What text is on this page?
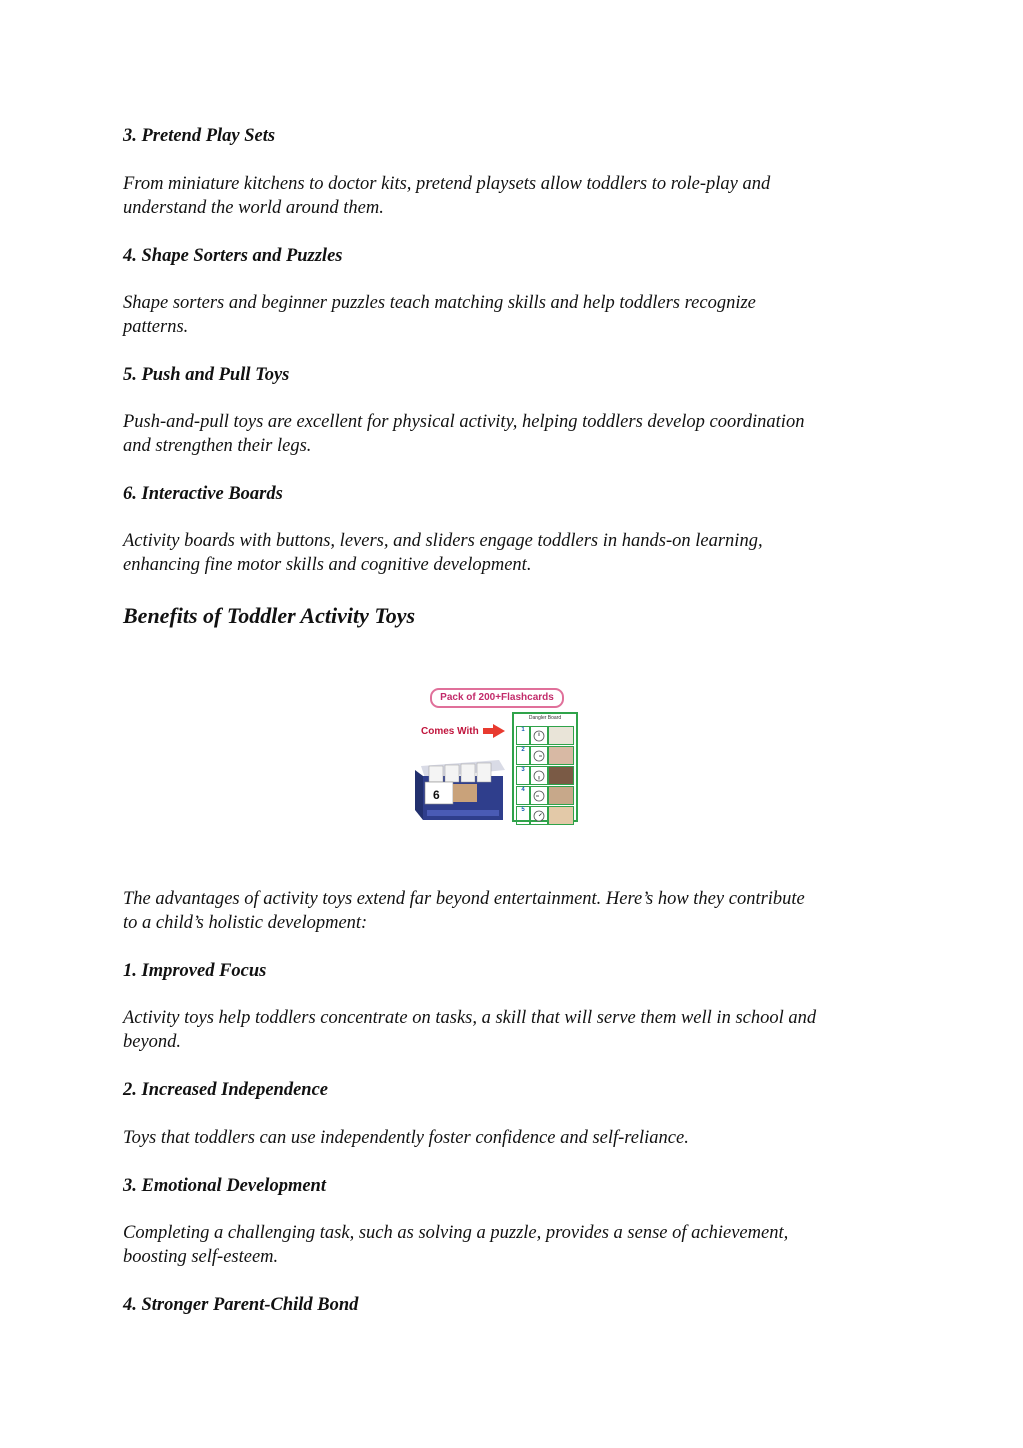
3. Pretend Play Sets

From miniature kitchens to doctor kits, pretend playsets allow toddlers to role-play and

understand the world around them.

4. Shape Sorters and Puzzles

Shape sorters and beginner puzzles teach matching skills and help toddlers recognize

patterns.

5. Push and Pull Toys

Push-and-pull toys are excellent for physical activity, helping toddlers develop coordination

and strengthen their legs.

6. Interactive Boards

Activity boards with buttons, levers, and sliders engage toddlers in hands-on learning,

enhancing fine motor skills and cognitive development.

Benefits of Toddler Activity Toys

The advantages of activity toys extend far beyond entertainment. Here’s how they contribute

to a child’s holistic development:

1. Improved Focus

Activity toys help toddlers concentrate on tasks, a skill that will serve them well in school and

beyond.

2. Increased Independence

Toys that toddlers can use independently foster confidence and self-reliance.

3. Emotional Development

Completing a challenging task, such as solving a puzzle, provides a sense of achievement,

boosting self-esteem.

4. Stronger Parent-Child Bond

Pack of 200+Flashcards
Comes With
6
Dangler Board
1
2
3
4
5
